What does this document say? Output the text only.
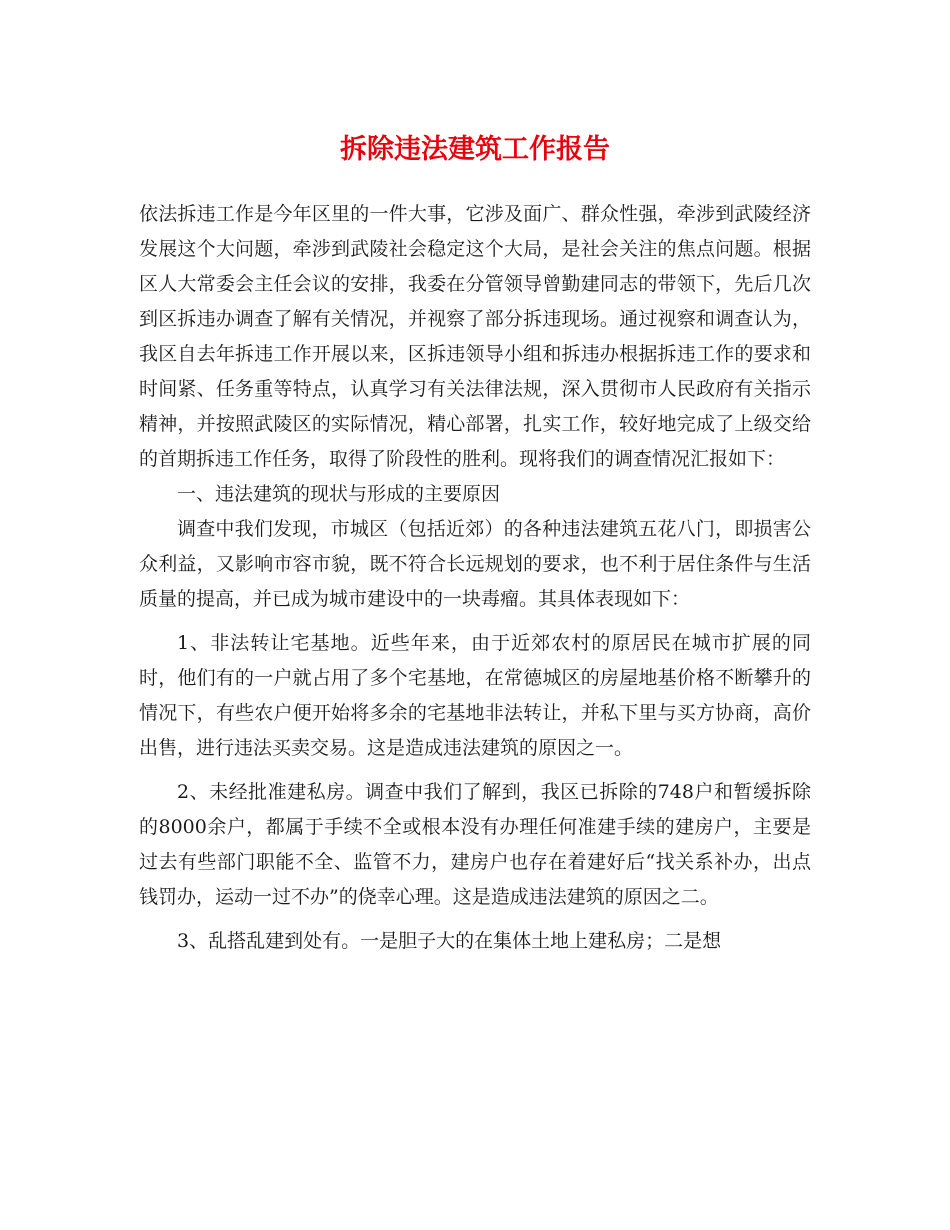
拆除违法建筑工作报告

依法拆违工作是今年区里的一件大事，它涉及面广、群众性强，牵涉到武陵经济发展这个大问题，牵涉到武陵社会稳定这个大局，是社会关注的焦点问题。根据区人大常委会主任会议的安排，我委在分管领导曾勤建同志的带领下，先后几次到区拆违办调查了解有关情况，并视察了部分拆违现场。通过视察和调查认为，我区自去年拆违工作开展以来，区拆违领导小组和拆违办根据拆违工作的要求和时间紧、任务重等特点，认真学习有关法律法规，深入贯彻市人民政府有关指示精神，并按照武陵区的实际情况，精心部署，扎实工作，较好地完成了上级交给的首期拆违工作任务，取得了阶段性的胜利。现将我们的调查情况汇报如下：

一、违法建筑的现状与形成的主要原因

调查中我们发现，市城区（包括近郊）的各种违法建筑五花八门，即损害公众利益，又影响市容市貌，既不符合长远规划的要求，也不利于居住条件与生活质量的提高，并已成为城市建设中的一块毒瘤。其具体表现如下：

1、非法转让宅基地。近些年来，由于近郊农村的原居民在城市扩展的同时，他们有的一户就占用了多个宅基地，在常德城区的房屋地基价格不断攀升的情况下，有些农户便开始将多余的宅基地非法转让，并私下里与买方协商，高价出售，进行违法买卖交易。这是造成违法建筑的原因之一。

2、未经批准建私房。调查中我们了解到，我区已拆除的748户和暂缓拆除的8000余户，都属于手续不全或根本没有办理任何准建手续的建房户，主要是过去有些部门职能不全、监管不力，建房户也存在着建好后“找关系补办，出点钱罚办，运动一过不办”的侥幸心理。这是造成违法建筑的原因之二。

3、乱搭乱建到处有。一是胆子大的在集体土地上建私房；二是想
